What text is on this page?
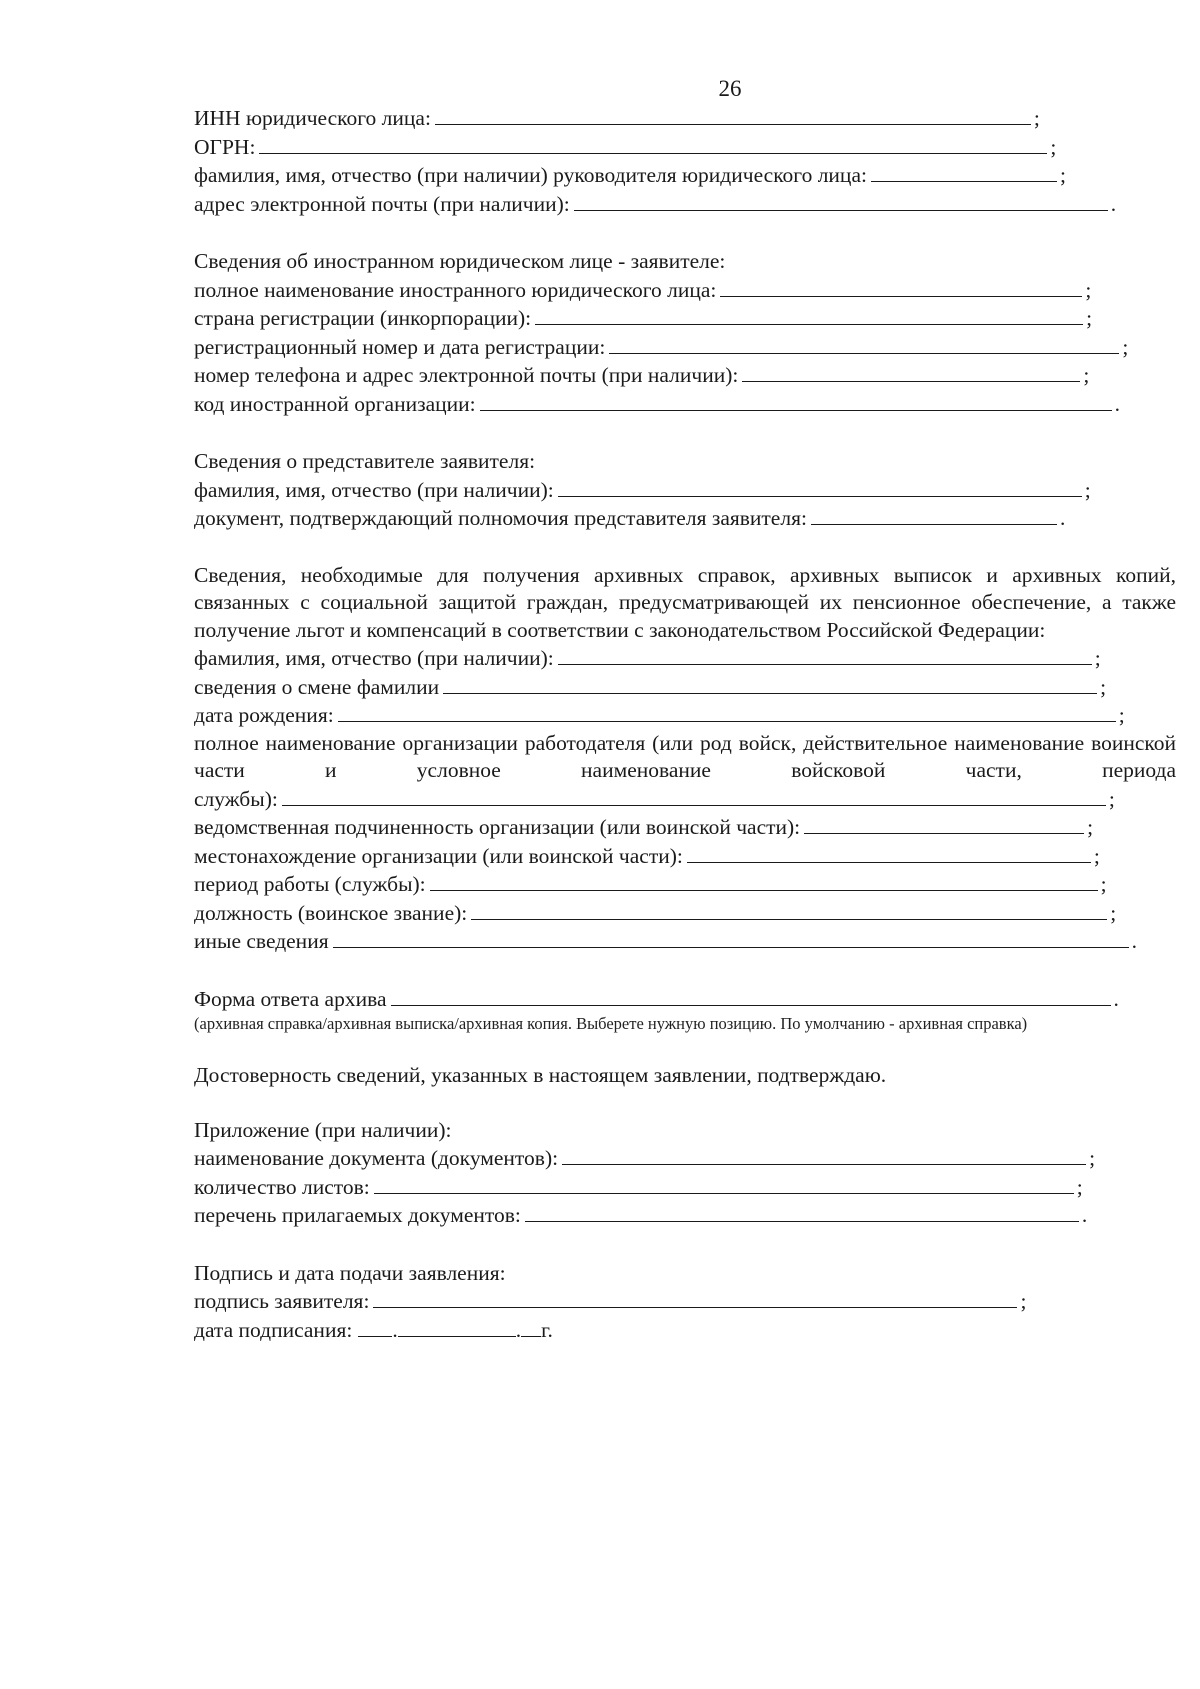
26
ИНН юридического лица:	;
ОГРН:	;
фамилия, имя, отчество (при наличии) руководителя юридического лица:	;
адрес электронной почты (при наличии):	.
Сведения об иностранном юридическом лице - заявителе:
полное наименование иностранного юридического лица:	;
страна регистрации (инкорпорации):	;
регистрационный номер и дата регистрации:	;
номер телефона и адрес электронной почты (при наличии):	;
код иностранной организации:	.
Сведения о представителе заявителя:
фамилия, имя, отчество (при наличии):	;
документ, подтверждающий полномочия представителя заявителя:	.
Сведения, необходимые для получения архивных справок, архивных выписок и архивных копий, связанных с социальной защитой граждан, предусматривающей их пенсионное обеспечение, а также получение льгот и компенсаций в соответствии с законодательством Российской Федерации:
фамилия, имя, отчество (при наличии):	;
сведения о смене фамилии	;
дата рождения:	;
полное наименование организации работодателя (или род войск, действительное наименование воинской части и условное наименование войсковой части, периода
службы):	;
ведомственная подчиненность организации (или воинской части):	;
местонахождение организации (или воинской части):	;
период работы (службы):	;
должность (воинское звание):	;
иные сведения	.
Форма ответа архива	.
(архивная справка/архивная выписка/архивная копия. Выберете нужную позицию. По умолчанию - архивная справка)
Достоверность сведений, указанных в настоящем заявлении, подтверждаю.
Приложение (при наличии):
наименование документа (документов):	;
количество листов:	;
перечень прилагаемых документов:	.
Подпись и дата подачи заявления:
подпись заявителя:	;
дата подписания: .	. г.
